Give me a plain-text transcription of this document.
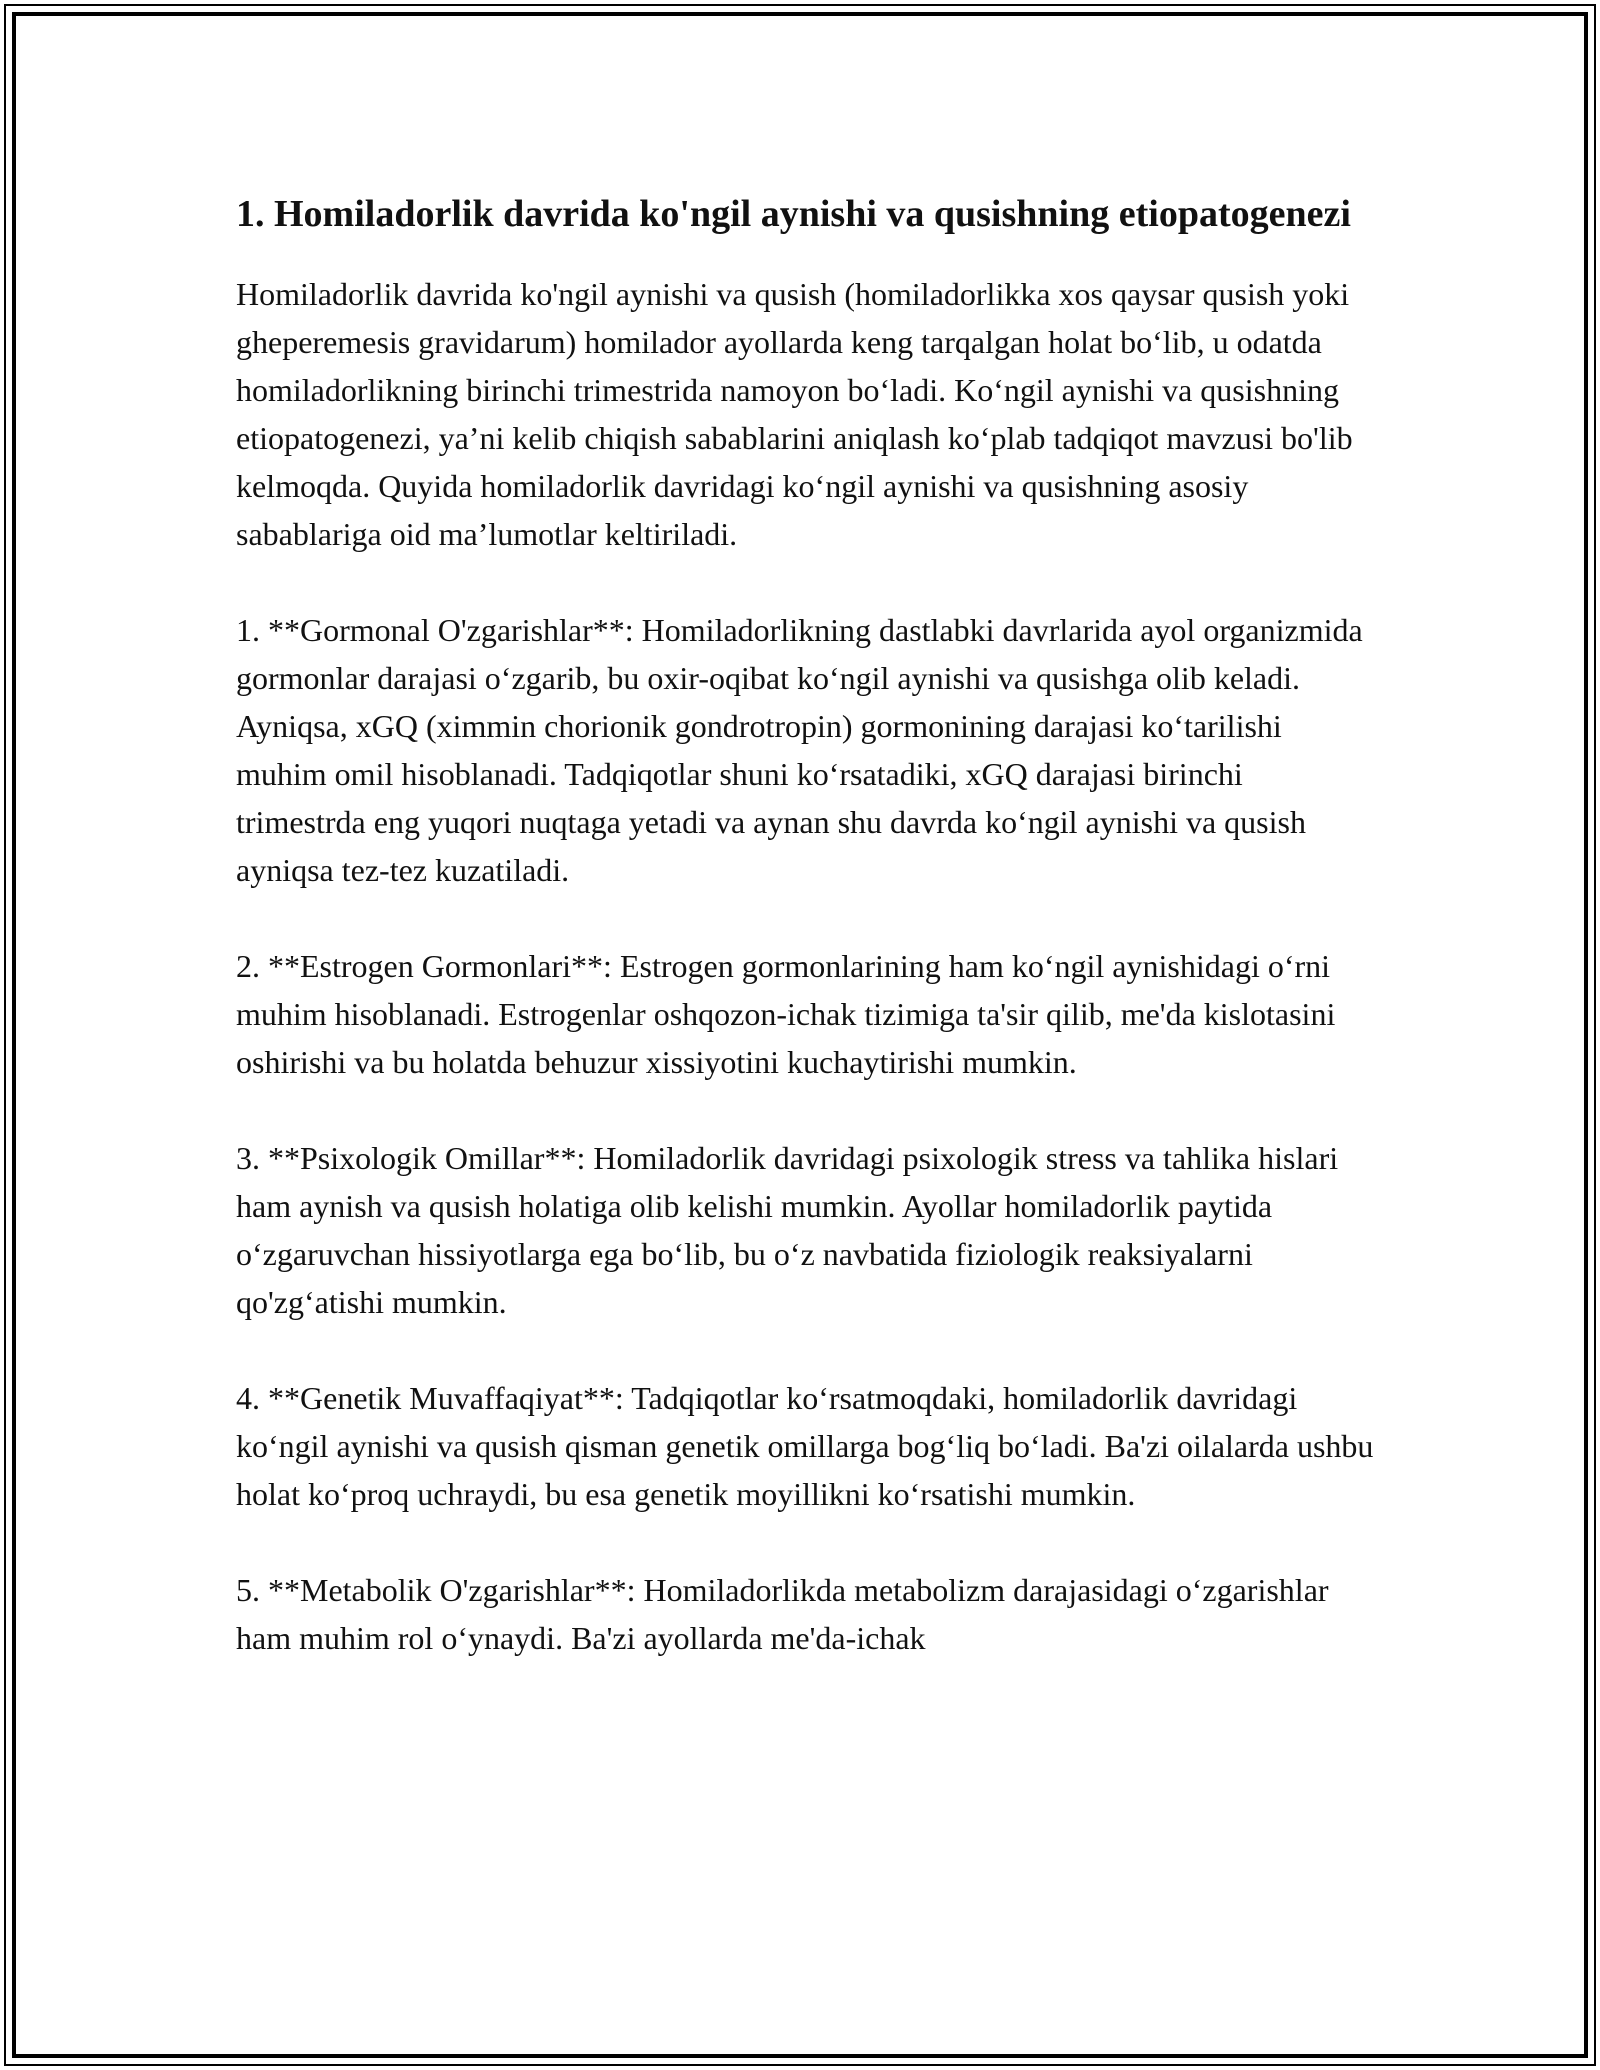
1. Homiladorlik davrida ko'ngil aynishi va qusishning etiopatogenezi

Homiladorlik davrida ko'ngil aynishi va qusish (homiladorlikka xos qaysar qusish yoki gheperemesis gravidarum) homilador ayollarda keng tarqalgan holat bo‘lib, u odatda homiladorlikning birinchi trimestrida namoyon bo‘ladi. Ko‘ngil aynishi va qusishning etiopatogenezi, ya’ni kelib chiqish sabablarini aniqlash ko‘plab tadqiqot mavzusi bo'lib kelmoqda. Quyida homiladorlik davridagi ko‘ngil aynishi va qusishning asosiy sabablariga oid ma’lumotlar keltiriladi.

1. **Gormonal O'zgarishlar**: Homiladorlikning dastlabki davrlarida ayol organizmida gormonlar darajasi o‘zgarib, bu oxir-oqibat ko‘ngil aynishi va qusishga olib keladi. Ayniqsa, xGQ (ximmin chorionik gondrotropin) gormonining darajasi ko‘tarilishi muhim omil hisoblanadi. Tadqiqotlar shuni ko‘rsatadiki, xGQ darajasi birinchi trimestrda eng yuqori nuqtaga yetadi va aynan shu davrda ko‘ngil aynishi va qusish ayniqsa tez-tez kuzatiladi.

2. **Estrogen Gormonlari**: Estrogen gormonlarining ham ko‘ngil aynishidagi o‘rni muhim hisoblanadi. Estrogenlar oshqozon-ichak tizimiga ta'sir qilib, me'da kislotasini oshirishi va bu holatda behuzur xissiyotini kuchaytirishi mumkin.

3. **Psixologik Omillar**: Homiladorlik davridagi psixologik stress va tahlika hislari ham aynish va qusish holatiga olib kelishi mumkin. Ayollar homiladorlik paytida o‘zgaruvchan hissiyotlarga ega bo‘lib, bu o‘z navbatida fiziologik reaksiyalarni qo'zg‘atishi mumkin.

4. **Genetik Muvaffaqiyat**: Tadqiqotlar ko‘rsatmoqdaki, homiladorlik davridagi ko‘ngil aynishi va qusish qisman genetik omillarga bog‘liq bo‘ladi. Ba'zi oilalarda ushbu holat ko‘proq uchraydi, bu esa genetik moyillikni ko‘rsatishi mumkin.

5. **Metabolik O'zgarishlar**: Homiladorlikda metabolizm darajasidagi o‘zgarishlar ham muhim rol o‘ynaydi. Ba'zi ayollarda me'da-ichak
